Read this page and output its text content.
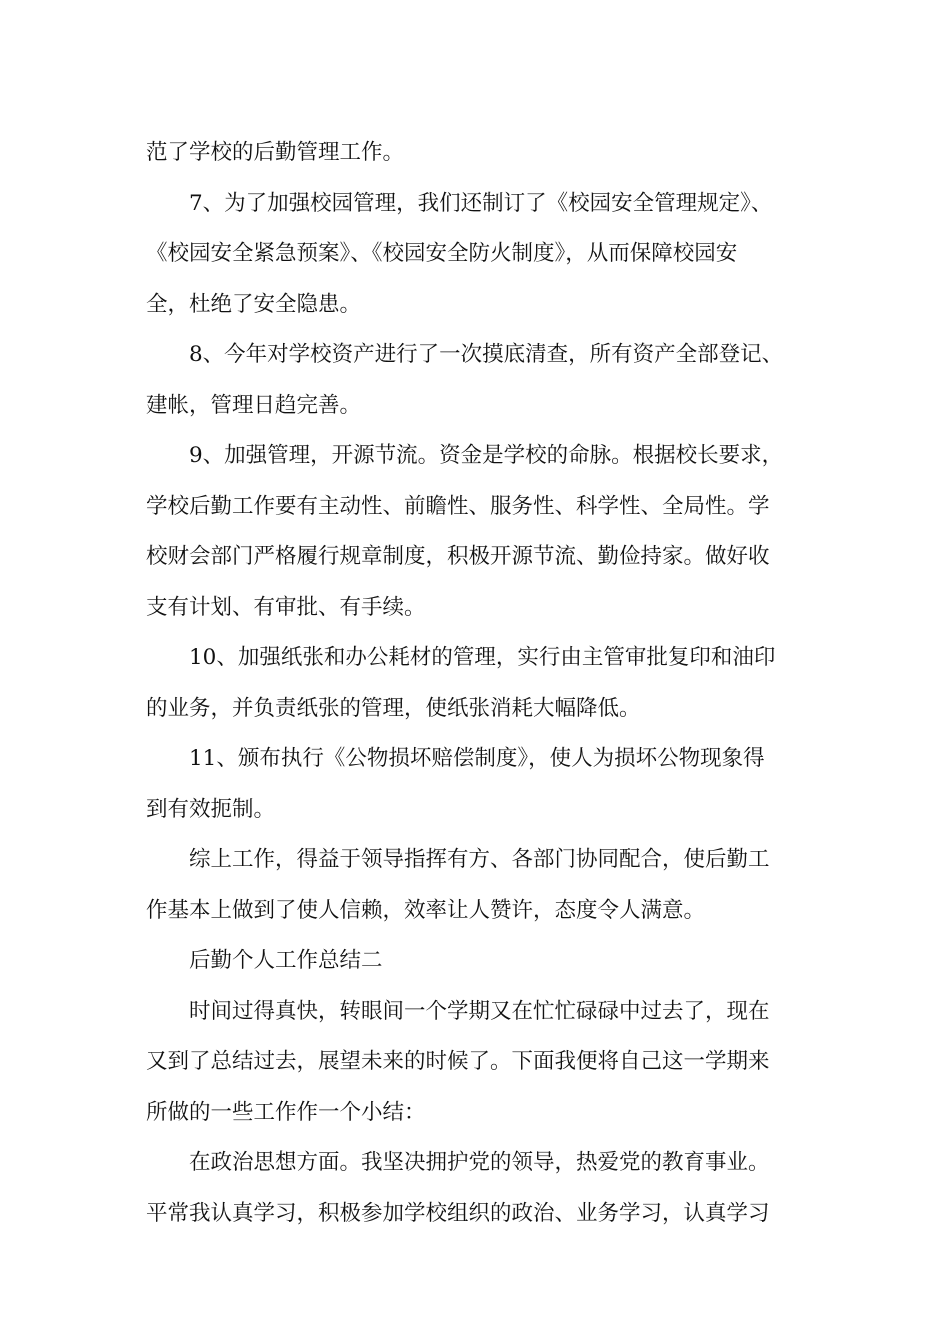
范了学校的后勤管理工作。
7、为了加强校园管理，我们还制订了《校园安全管理规定》、
《校园安全紧急预案》、《校园安全防火制度》，从而保障校园安
全，杜绝了安全隐患。
8、今年对学校资产进行了一次摸底清查，所有资产全部登记、
建帐，管理日趋完善。
9、加强管理，开源节流。资金是学校的命脉。根据校长要求，
学校后勤工作要有主动性、前瞻性、服务性、科学性、全局性。学
校财会部门严格履行规章制度，积极开源节流、勤俭持家。做好收
支有计划、有审批、有手续。
10、加强纸张和办公耗材的管理，实行由主管审批复印和油印
的业务，并负责纸张的管理，使纸张消耗大幅降低。
11、颁布执行《公物损坏赔偿制度》，使人为损坏公物现象得
到有效扼制。
综上工作，得益于领导指挥有方、各部门协同配合，使后勤工
作基本上做到了使人信赖，效率让人赞许，态度令人满意。
后勤个人工作总结二
时间过得真快，转眼间一个学期又在忙忙碌碌中过去了，现在
又到了总结过去，展望未来的时候了。下面我便将自己这一学期来
所做的一些工作作一个小结：
在政治思想方面。我坚决拥护党的领导，热爱党的教育事业。
平常我认真学习，积极参加学校组织的政治、业务学习，认真学习
